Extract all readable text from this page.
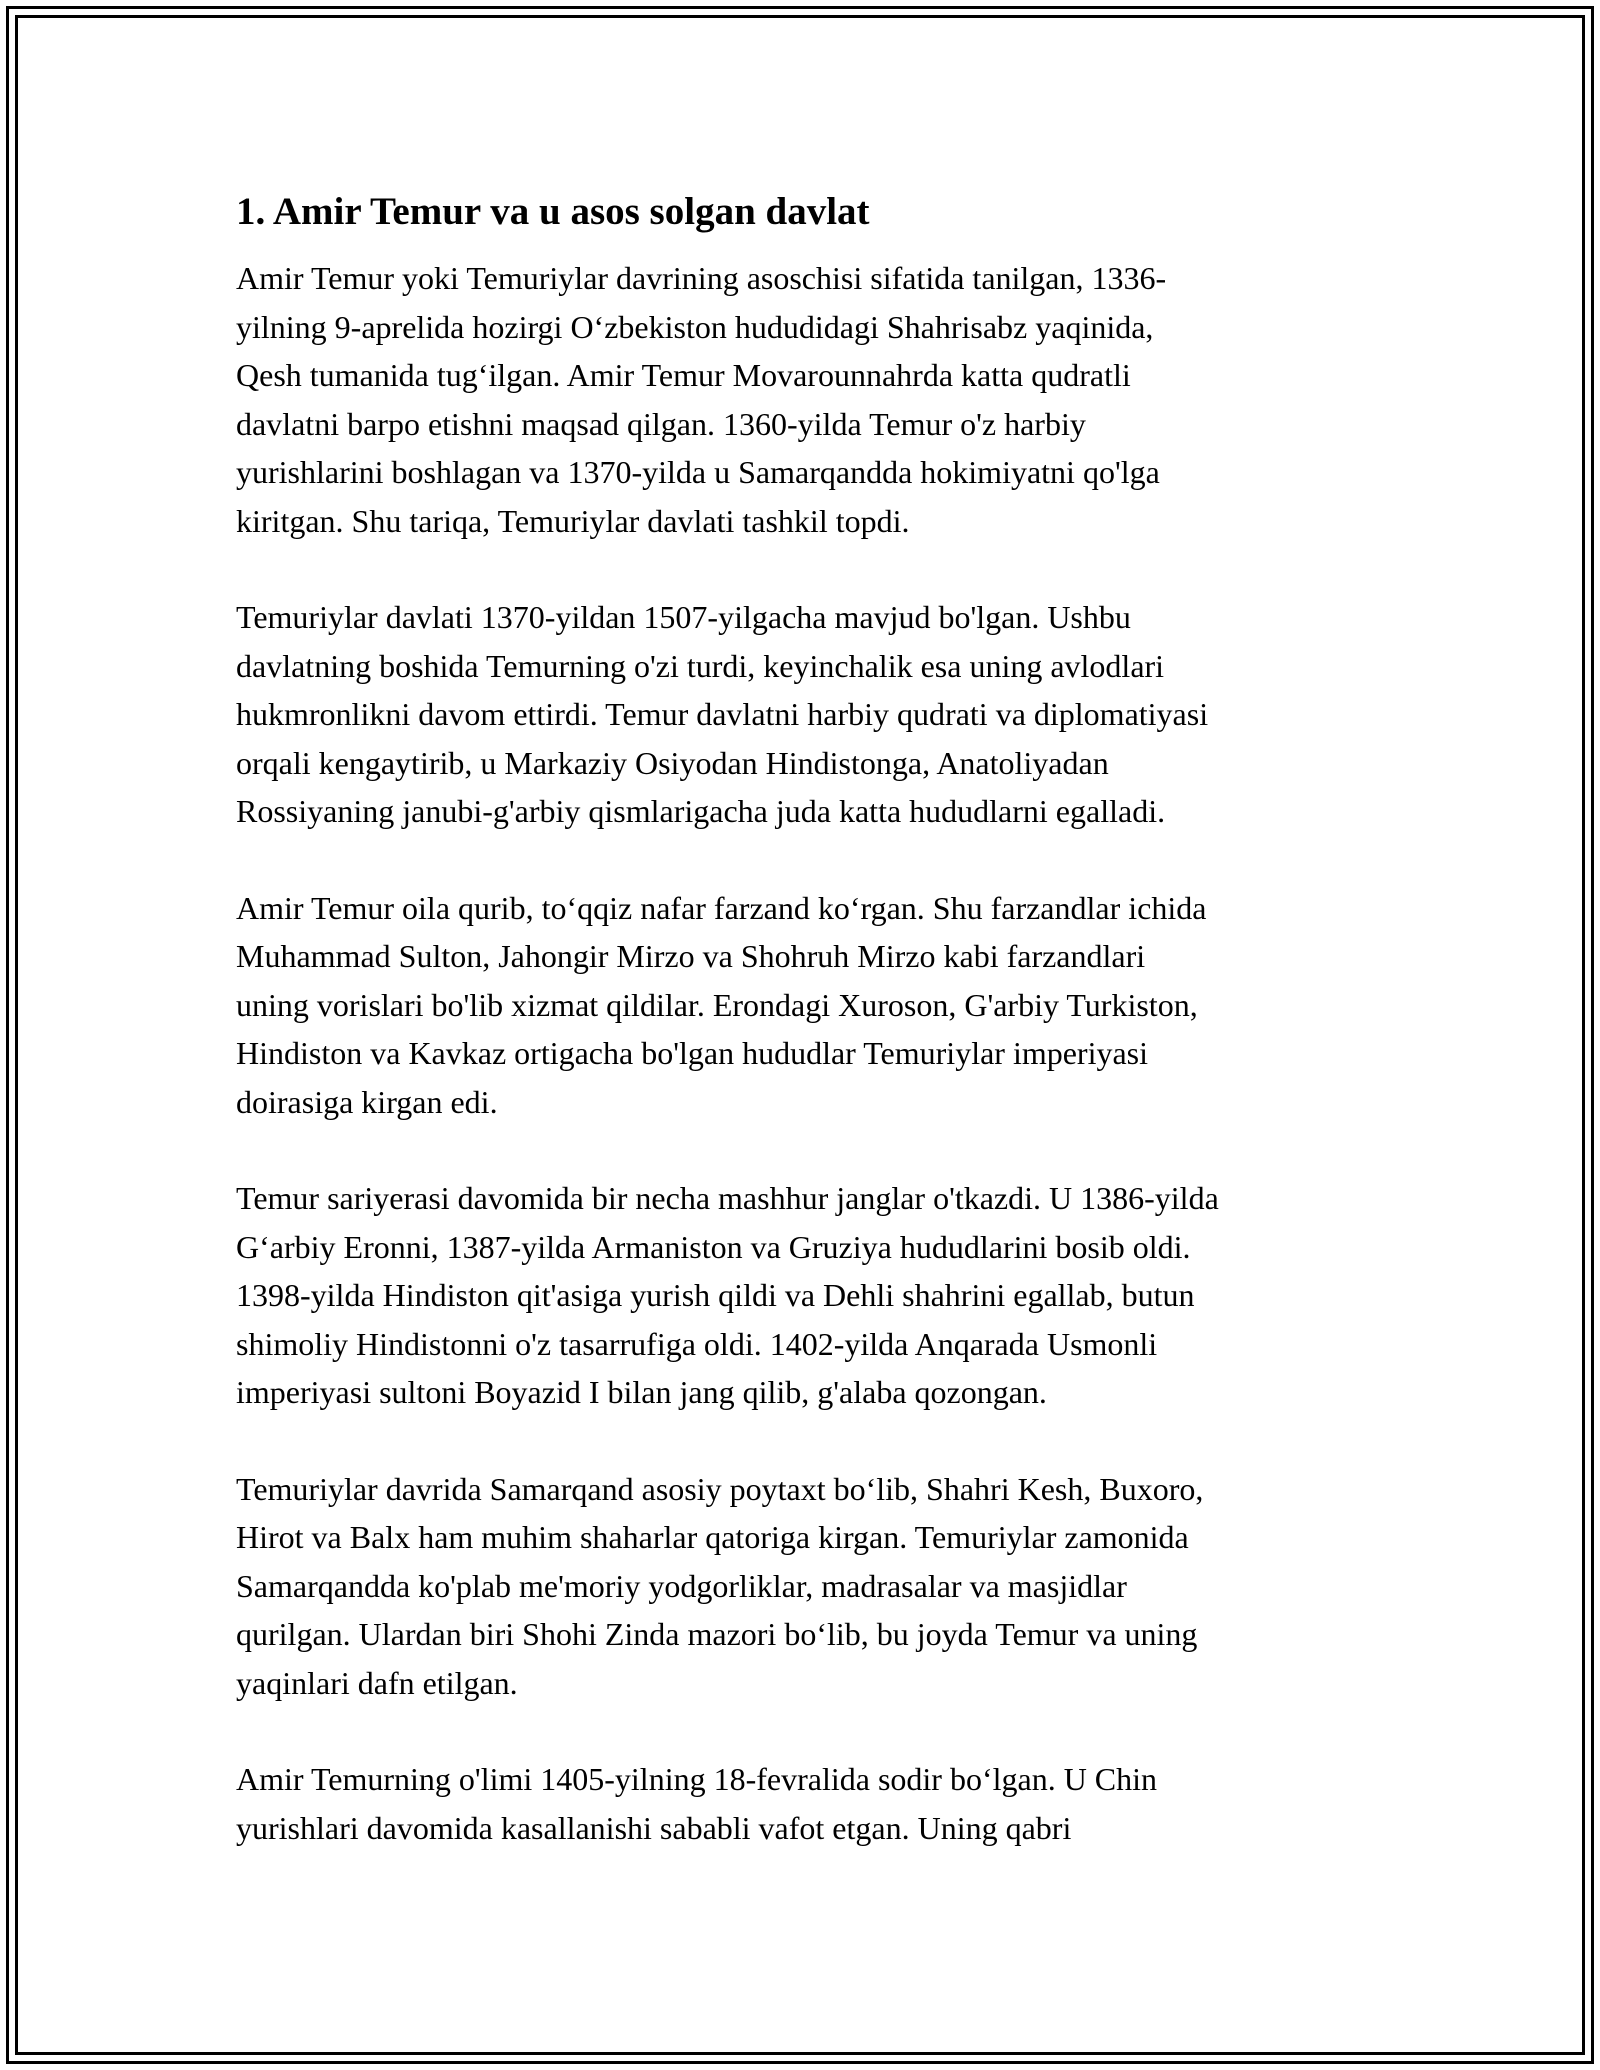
1. Amir Temur va u asos solgan davlat
Amir Temur yoki Temuriylar davrining asoschisi sifatida tanilgan, 1336-
yilning 9-aprelida hozirgi O‘zbekiston hududidagi Shahrisabz yaqinida,
Qesh tumanida tug‘ilgan. Amir Temur Movarounnahrda katta qudratli
davlatni barpo etishni maqsad qilgan. 1360-yilda Temur o'z harbiy
yurishlarini boshlagan va 1370-yilda u Samarqandda hokimiyatni qo'lga
kiritgan. Shu tariqa, Temuriylar davlati tashkil topdi.
Temuriylar davlati 1370-yildan 1507-yilgacha mavjud bo'lgan. Ushbu
davlatning boshida Temurning o'zi turdi, keyinchalik esa uning avlodlari
hukmronlikni davom ettirdi. Temur davlatni harbiy qudrati va diplomatiyasi
orqali kengaytirib, u Markaziy Osiyodan Hindistonga, Anatoliyadan
Rossiyaning janubi-g'arbiy qismlarigacha juda katta hududlarni egalladi.
Amir Temur oila qurib, to‘qqiz nafar farzand ko‘rgan. Shu farzandlar ichida
Muhammad Sulton, Jahongir Mirzo va Shohruh Mirzo kabi farzandlari
uning vorislari bo'lib xizmat qildilar. Erondagi Xuroson, G'arbiy Turkiston,
Hindiston va Kavkaz ortigacha bo'lgan hududlar Temuriylar imperiyasi
doirasiga kirgan edi.
Temur sariyerasi davomida bir necha mashhur janglar o'tkazdi. U 1386-yilda
G‘arbiy Eronni, 1387-yilda Armaniston va Gruziya hududlarini bosib oldi.
1398-yilda Hindiston qit'asiga yurish qildi va Dehli shahrini egallab, butun
shimoliy Hindistonni o'z tasarrufiga oldi. 1402-yilda Anqarada Usmonli
imperiyasi sultoni Boyazid I bilan jang qilib, g'alaba qozongan.
Temuriylar davrida Samarqand asosiy poytaxt bo‘lib, Shahri Kesh, Buxoro,
Hirot va Balx ham muhim shaharlar qatoriga kirgan. Temuriylar zamonida
Samarqandda ko'plab me'moriy yodgorliklar, madrasalar va masjidlar
qurilgan. Ulardan biri Shohi Zinda mazori bo‘lib, bu joyda Temur va uning
yaqinlari dafn etilgan.
Amir Temurning o'limi 1405-yilning 18-fevralida sodir bo‘lgan. U Chin
yurishlari davomida kasallanishi sababli vafot etgan. Uning qabri
